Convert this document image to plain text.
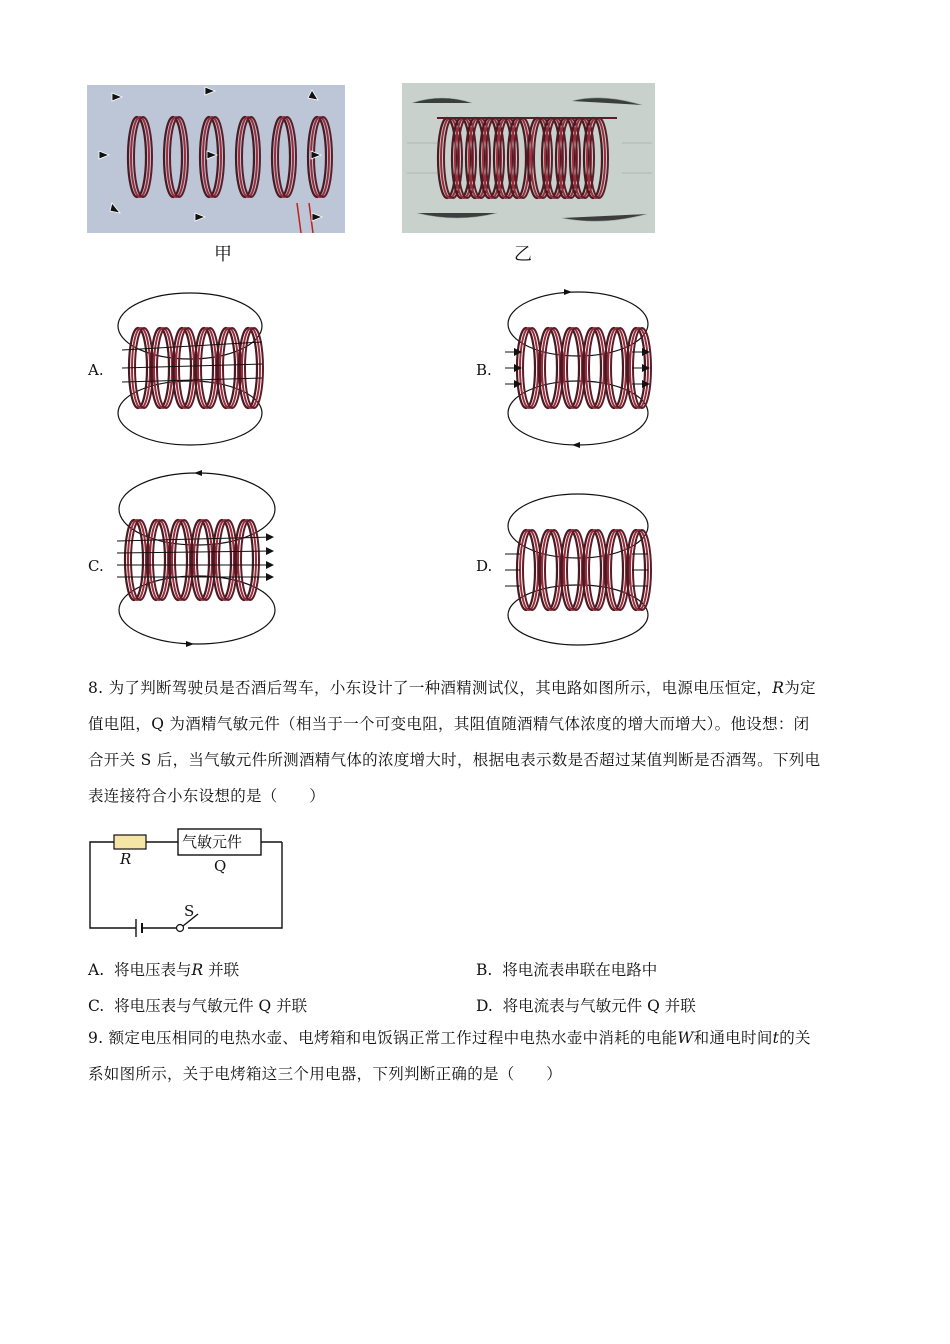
甲	乙
A.	B.
C.	D.
8. 为了判断驾驶员是否酒后驾车，小东设计了一种酒精测试仪，其电路如图所示，电源电压恒定，R为定
值电阻，Q 为酒精气敏元件（相当于一个可变电阻，其阻值随酒精气体浓度的增大而增大）。他设想：闭
合开关 S 后，当气敏元件所测酒精气体的浓度增大时，根据电表示数是否超过某值判断是否酒驾。下列电
表连接符合小东设想的是（　　）
气敏元件
R	Q
S
A. 将电压表与R 并联	B. 将电流表串联在电路中
C. 将电压表与气敏元件 Q 并联	D. 将电流表与气敏元件 Q 并联
9. 额定电压相同的电热水壶、电烤箱和电饭锅正常工作过程中电热水壶中消耗的电能W和通电时间t的关
系如图所示，关于电烤箱这三个用电器，下列判断正确的是（　　）
